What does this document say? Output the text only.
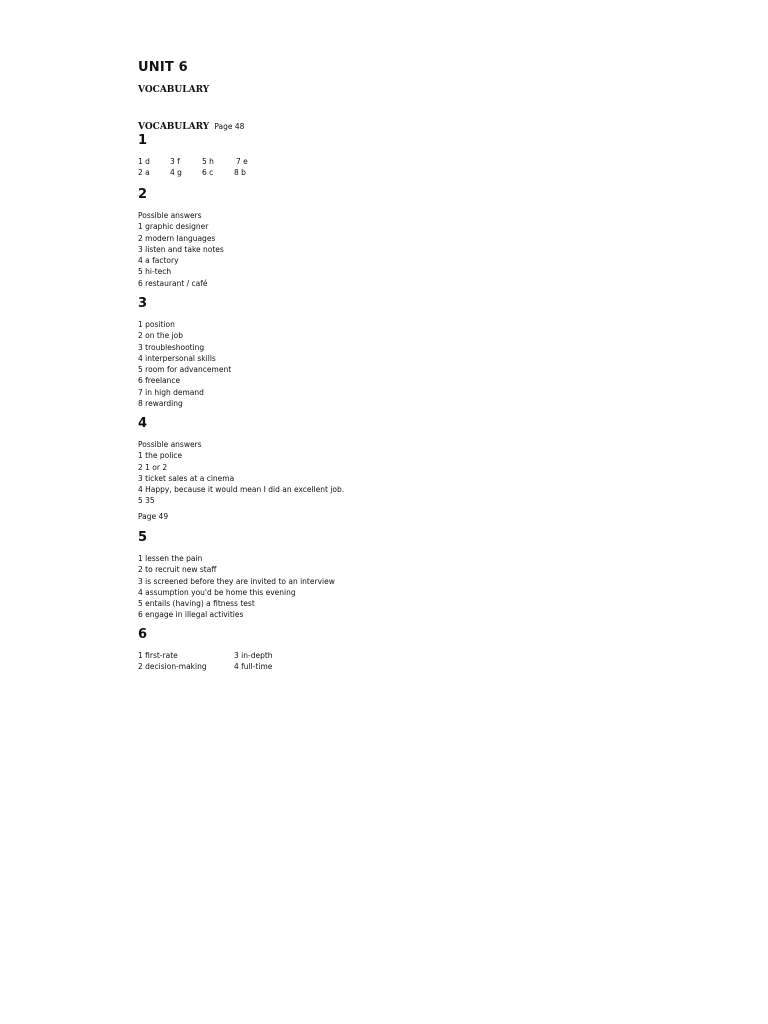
UNIT 6
VOCABULARY
VOCABULARY Page 48
1
1 d	3 f	5 h	7 e
2 a	4 g	6 c	8 b
2
Possible answers
1 graphic designer
2 modern languages
3 listen and take notes
4 a factory
5 hi-tech
6 restaurant / café
3
1 position
2 on the job
3 troubleshooting
4 interpersonal skills
5 room for advancement
6 freelance
7 in high demand
8 rewarding
4
Possible answers
1 the police
2 1 or 2
3 ticket sales at a cinema
4 Happy, because it would mean I did an excellent job.
5 35
Page 49
5
1 lessen the pain
2 to recruit new staff
3 is screened before they are invited to an interview
4 assumption you'd be home this evening
5 entails (having) a fitness test
6 engage in illegal activities
6
1 first-rate	3 in-depth
2 decision-making	4 full-time
